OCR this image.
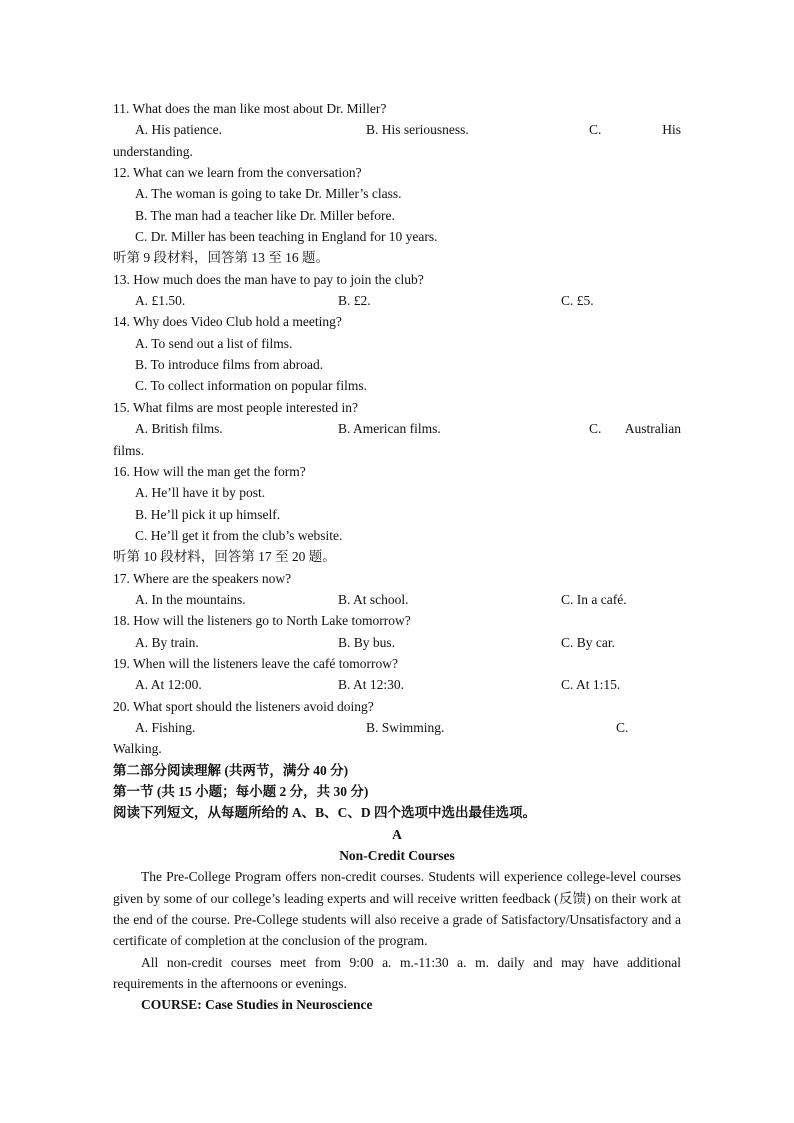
11. What does the man like most about Dr. Miller?
A. His patience.	B. His seriousness.	C.	His
understanding.
12. What can we learn from the conversation?
A. The woman is going to take Dr. Miller’s class.
B. The man had a teacher like Dr. Miller before.
C. Dr. Miller has been teaching in England for 10 years.
听第 9 段材料，回答第 13 至 16 题。
13. How much does the man have to pay to join the club?
A. £1.50.	B. £2.	C. £5.
14. Why does Video Club hold a meeting?
A. To send out a list of films.
B. To introduce films from abroad.
C. To collect information on popular films.
15. What films are most people interested in?
A. British films.	B. American films.	C. Australian
films.
16. How will the man get the form?
A. He’ll have it by post.
B. He’ll pick it up himself.
C. He’ll get it from the club’s website.
听第 10 段材料，回答第 17 至 20 题。
17. Where are the speakers now?
A. In the mountains.	B. At school.	C. In a café.
18. How will the listeners go to North Lake tomorrow?
A. By train.	B. By bus.	C. By car.
19. When will the listeners leave the café tomorrow?
A. At 12:00.	B. At 12:30.	C. At 1:15.
20. What sport should the listeners avoid doing?
A. Fishing.	B. Swimming.	C.
Walking.
第二部分阅读理解 (共两节，满分 40 分)
第一节 (共 15 小题；每小题 2 分，共 30 分)
阅读下列短文，从每题所给的 A、B、C、D 四个选项中选出最佳选项。
A
Non-Credit Courses
The Pre-College Program offers non-credit courses. Students will experience college-level courses given by some of our college’s leading experts and will receive written feedback (反馈) on their work at the end of the course. Pre-College students will also receive a grade of Satisfactory/Unsatisfactory and a certificate of completion at the conclusion of the program.
All non-credit courses meet from 9:00 a. m.-11:30 a. m. daily and may have additional requirements in the afternoons or evenings.
COURSE: Case Studies in Neuroscience
